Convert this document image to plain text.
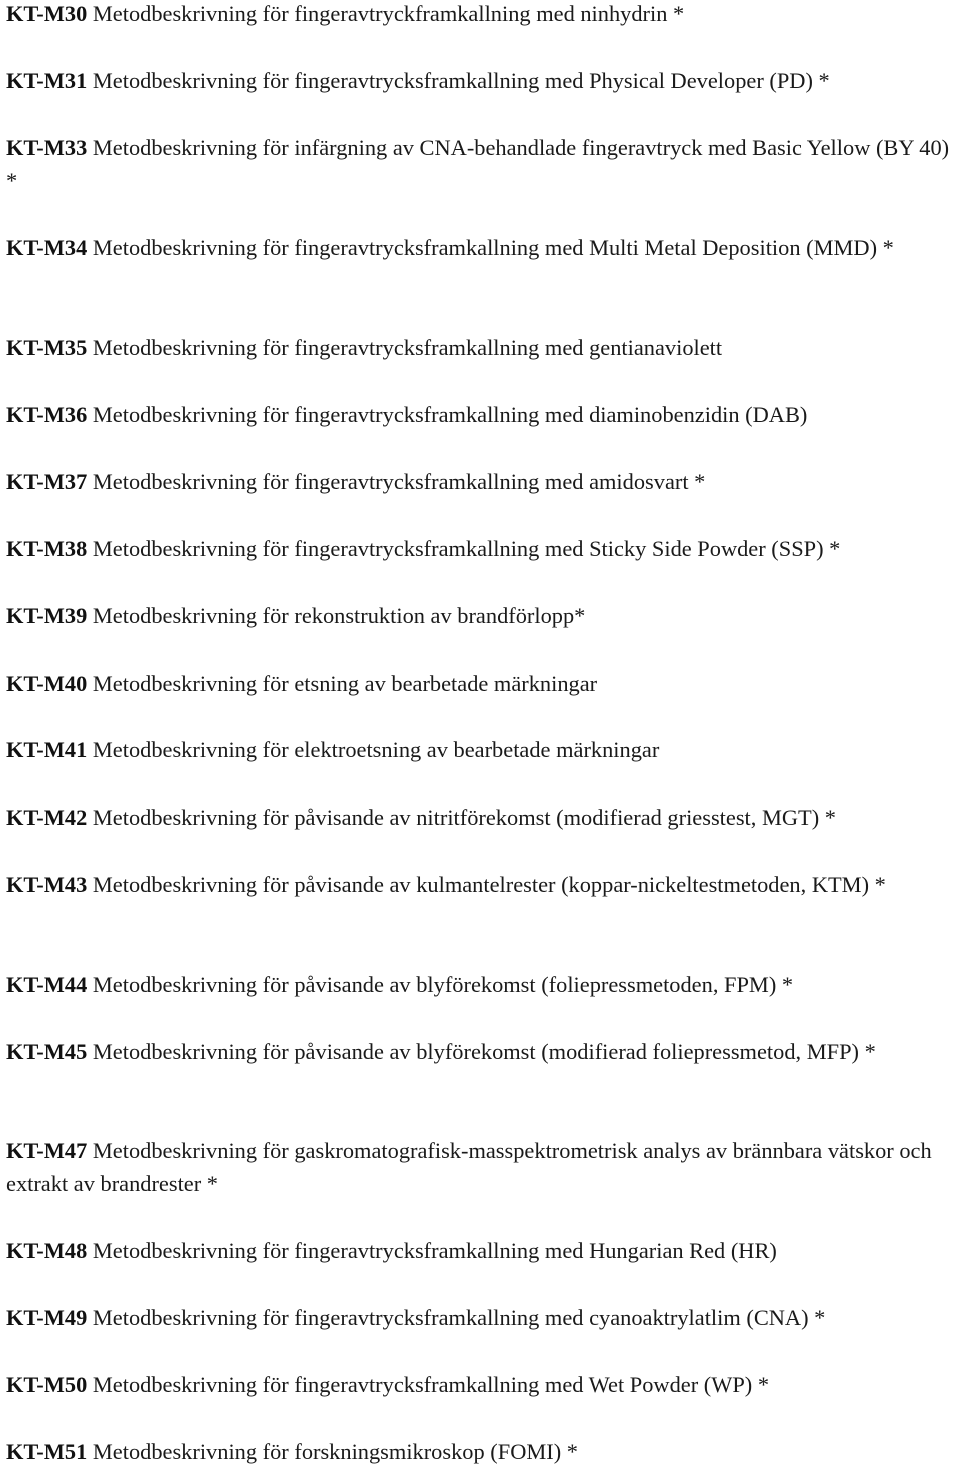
KT-M30 Metodbeskrivning för fingeravtryckframkallning med ninhydrin *

KT-M31 Metodbeskrivning för fingeravtrycksframkallning med Physical Developer (PD) *

KT-M33 Metodbeskrivning för infärgning av CNA-behandlade fingeravtryck med Basic Yellow (BY 40) *

KT-M34 Metodbeskrivning för fingeravtrycksframkallning med Multi Metal Deposition (MMD) *

KT-M35 Metodbeskrivning för fingeravtrycksframkallning med gentianaviolett

KT-M36 Metodbeskrivning för fingeravtrycksframkallning med diaminobenzidin (DAB)

KT-M37 Metodbeskrivning för fingeravtrycksframkallning med amidosvart *

KT-M38 Metodbeskrivning för fingeravtrycksframkallning med Sticky Side Powder (SSP) *

KT-M39 Metodbeskrivning för rekonstruktion av brandförlopp*

KT-M40 Metodbeskrivning för etsning av bearbetade märkningar

KT-M41 Metodbeskrivning för elektroetsning av bearbetade märkningar

KT-M42 Metodbeskrivning för påvisande av nitritförekomst (modifierad griesstest, MGT) *

KT-M43 Metodbeskrivning för påvisande av kulmantelrester (koppar-nickeltestmetoden, KTM) *

KT-M44 Metodbeskrivning för påvisande av blyförekomst (foliepressmetoden, FPM) *

KT-M45 Metodbeskrivning för påvisande av blyförekomst (modifierad foliepressmetod, MFP) *

KT-M47 Metodbeskrivning för gaskromatografisk-masspektrometrisk analys av brännbara vätskor och extrakt av brandrester *

KT-M48 Metodbeskrivning för fingeravtrycksframkallning med Hungarian Red (HR)

KT-M49 Metodbeskrivning för fingeravtrycksframkallning med cyanoaktrylatlim (CNA) *

KT-M50 Metodbeskrivning för fingeravtrycksframkallning med Wet Powder (WP) *

KT-M51 Metodbeskrivning för forskningsmikroskop (FOMI) *
